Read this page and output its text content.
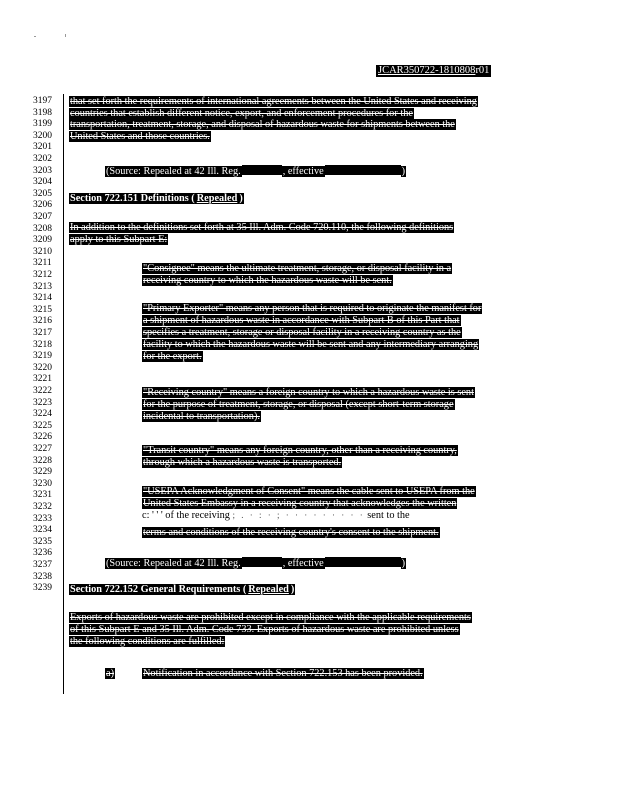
JCAR350722-1810808r01
3197
3198
3199
3200
3201
3202
3203
3204
3205
3206
3207
3208
3209
3210
3211
3212
3213
3214
3215
3216
3217
3218
3219
3220
3221
3222
3223
3224
3225
3226
3227
3228
3229
3230
3231
3232
3233
3234
3235
3236
3237
3238
3239
that set forth the requirements of international agreements between the United States and receiving
countries that establish different notice, export, and enforcement procedures for the
transportation, treatment, storage, and disposal of hazardous waste for shipments between the
United States and those countries.
(Source: Repealed at 42 Ill. Reg.	, effective	)
Section 722.151 Definitions ( Repealed )
In addition to the definitions set forth at 35 Ill. Adm. Code 720.110, the following definitions
apply to this Subpart E:
"Consignee" means the ultimate treatment, storage, or disposal facility in a
receiving country to which the hazardous waste will be sent.
"Primary Exporter" means any person that is required to originate the manifest for
a shipment of hazardous waste in accordance with Subpart B of this Part that
specifies a treatment, storage or disposal facility in a receiving country as the
facility to which the hazardous waste will be sent and any intermediary arranging
for the export.
"Receiving country" means a foreign country to which a hazardous waste is sent
for the purpose of treatment, storage, or disposal (except short-term storage
incidental to transportation).
"Transit country" means any foreign country, other than a receiving country,
through which a hazardous waste is transported.
"USEPA Acknowledgment of Consent" means the cable sent to USEPA from the
United States Embassy in a receiving country that acknowledges the written
c: ' ' ' of the receiving ; . · : · ; · · · · · · · · · sent to the
terms and conditions of the receiving country's consent to the shipment.
(Source: Repealed at 42 Ill. Reg.	, effective	)
Section 722.152 General Requirements ( Repealed )
Exports of hazardous waste are prohibited except in compliance with the applicable requirements
of this Subpart E and 35 Ill. Adm. Code 733. Exports of hazardous waste are prohibited unless
the following conditions are fulfilled:
a)	Notification in accordance with Section 722.153 has been provided.
